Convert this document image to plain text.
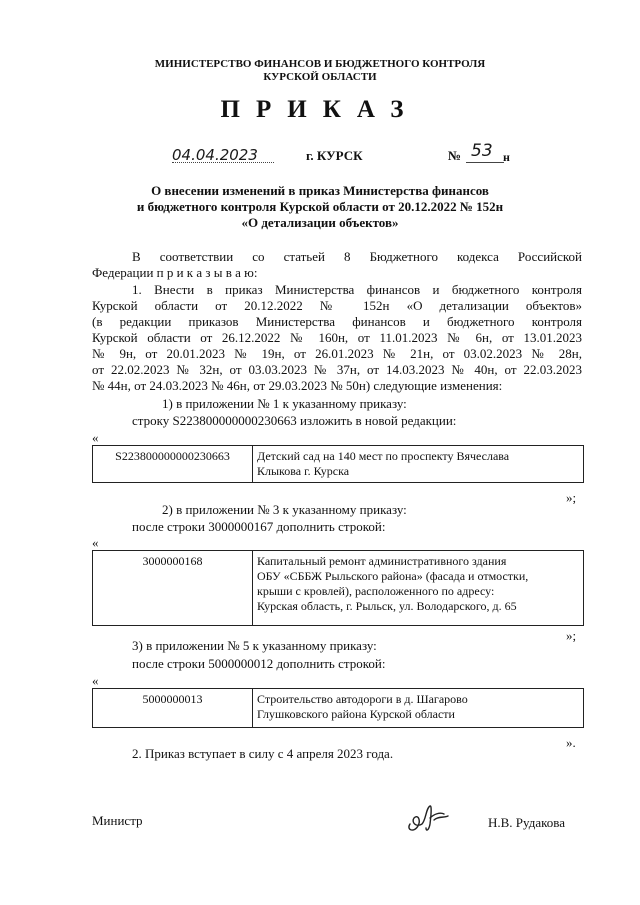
МИНИСТЕРСТВО ФИНАНСОВ И БЮДЖЕТНОГО КОНТРОЛЯ
КУРСКОЙ ОБЛАСТИ
ПРИКАЗ
04.04.2023	г. КУРСК	№ 53 н
О внесении изменений в приказ Министерства финансов
и бюджетного контроля Курской области от 20.12.2022 № 152н
«О детализации объектов»
В соответствии со статьей 8 Бюджетного кодекса Российской
Федерации п р и к а з ы в а ю:
1. Внести в приказ Министерства финансов и бюджетного контроля
Курской области от 20.12.2022 № 152н «О детализации объектов»
(в редакции приказов Министерства финансов и бюджетного контроля
Курской области от 26.12.2022 № 160н, от 11.01.2023 № 6н, от 13.01.2023
№ 9н, от 20.01.2023 № 19н, от 26.01.2023 № 21н, от 03.02.2023 № 28н,
от 22.02.2023 № 32н, от 03.03.2023 № 37н, от 14.03.2023 № 40н, от 22.03.2023
№ 44н, от 24.03.2023 № 46н, от 29.03.2023 № 50н) следующие изменения:
1) в приложении № 1 к указанному приказу:
строку S223800000000230663 изложить в новой редакции:
«
S223800000000230663	Детский сад на 140 мест по проспекту Вячеслава
Клыкова г. Курска
»;
2) в приложении № 3 к указанному приказу:
после строки 3000000167 дополнить строкой:
«
3000000168	Капитальный ремонт административного здания
ОБУ «СББЖ Рыльского района» (фасада и отмостки,
крыши с кровлей), расположенного по адресу:
Курская область, г. Рыльск, ул. Володарского, д. 65
»;
3) в приложении № 5 к указанному приказу:
после строки 5000000012 дополнить строкой:
«
5000000013	Строительство автодороги в д. Шагарово
Глушковского района Курской области
».
2. Приказ вступает в силу с 4 апреля 2023 года.
Министр	Н.В. Рудакова
